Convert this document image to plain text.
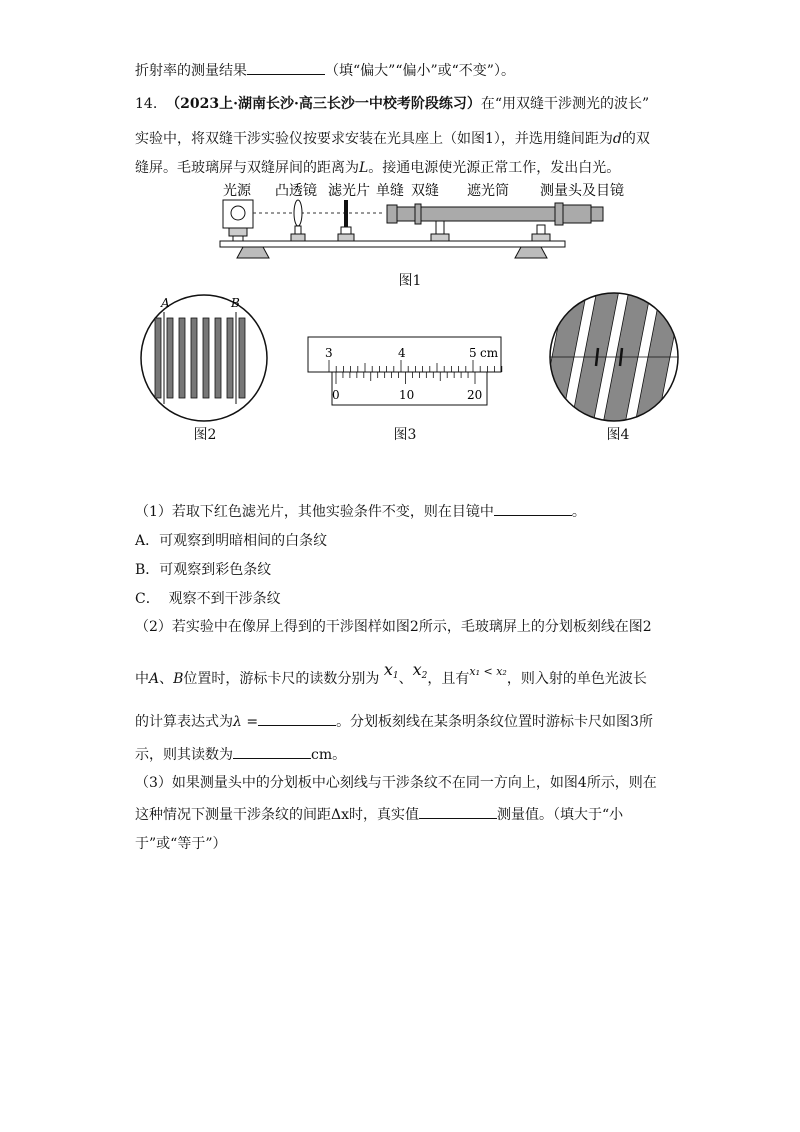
折射率的测量结果	（填“偏大”“偏小”或“不变”）。
14. （2023上·湖南长沙·高三长沙一中校考阶段练习）在“用双缝干涉测光的波长”
实验中，将双缝干涉实验仪按要求安装在光具座上（如图1），并选用缝间距为d的双
缝屏。毛玻璃屏与双缝屏间的距离为L。接通电源使光源正常工作，发出白光。
光源 凸透镜 滤光片 单缝 双缝 遮光筒 测量头及目镜
图1
A	B
图2
3	4	5 cm
0	10	20
图3	图4
（1）若取下红色滤光片，其他实验条件不变，则在目镜中	。
A．可观察到明暗相间的白条纹
B．可观察到彩色条纹
C． 观察不到干涉条纹
（2）若实验中在像屏上得到的干涉图样如图2所示，毛玻璃屏上的分划板刻线在图2
中A、B位置时，游标卡尺的读数分别为 $x_1$、$x_2$，且有$^{x_1 < x_2}$，则入射的单色光波长
的计算表达式为λ =	。分划板刻线在某条明条纹位置时游标卡尺如图3所
示，则其读数为	cm。
（3）如果测量头中的分划板中心刻线与干涉条纹不在同一方向上，如图4所示，则在
这种情况下测量干涉条纹的间距Δx时，真实值	测量值。（填大于“小
于”或“等于”）
